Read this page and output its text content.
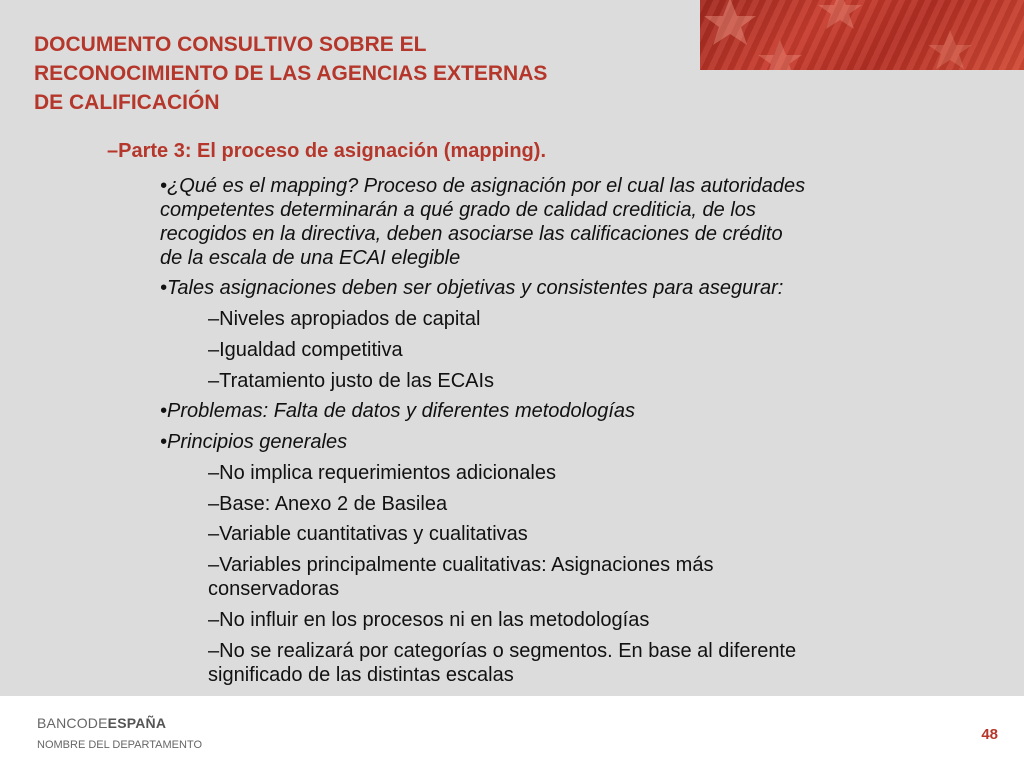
DOCUMENTO CONSULTIVO SOBRE EL
RECONOCIMIENTO DE LAS AGENCIAS EXTERNAS
DE CALIFICACIÓN
–Parte 3: El proceso de asignación (mapping).
•¿Qué es el mapping? Proceso de asignación por el cual las autoridades
competentes determinarán a qué grado de calidad crediticia, de los
recogidos en la directiva, deben asociarse las calificaciones de crédito
de la escala de una ECAI elegible
•Tales asignaciones deben ser objetivas y consistentes para asegurar:
–Niveles apropiados de capital
–Igualdad competitiva
–Tratamiento justo de las ECAIs
•Problemas: Falta de datos y diferentes metodologías
•Principios generales
–No implica requerimientos adicionales
–Base: Anexo 2 de Basilea
–Variable cuantitativas y cualitativas
–Variables principalmente cualitativas: Asignaciones más
conservadoras
–No influir en los procesos ni en las metodologías
–No se realizará por categorías o segmentos. En base al diferente
significado de las distintas escalas
BANCODEESPAÑA
NOMBRE DEL DEPARTAMENTO
48
